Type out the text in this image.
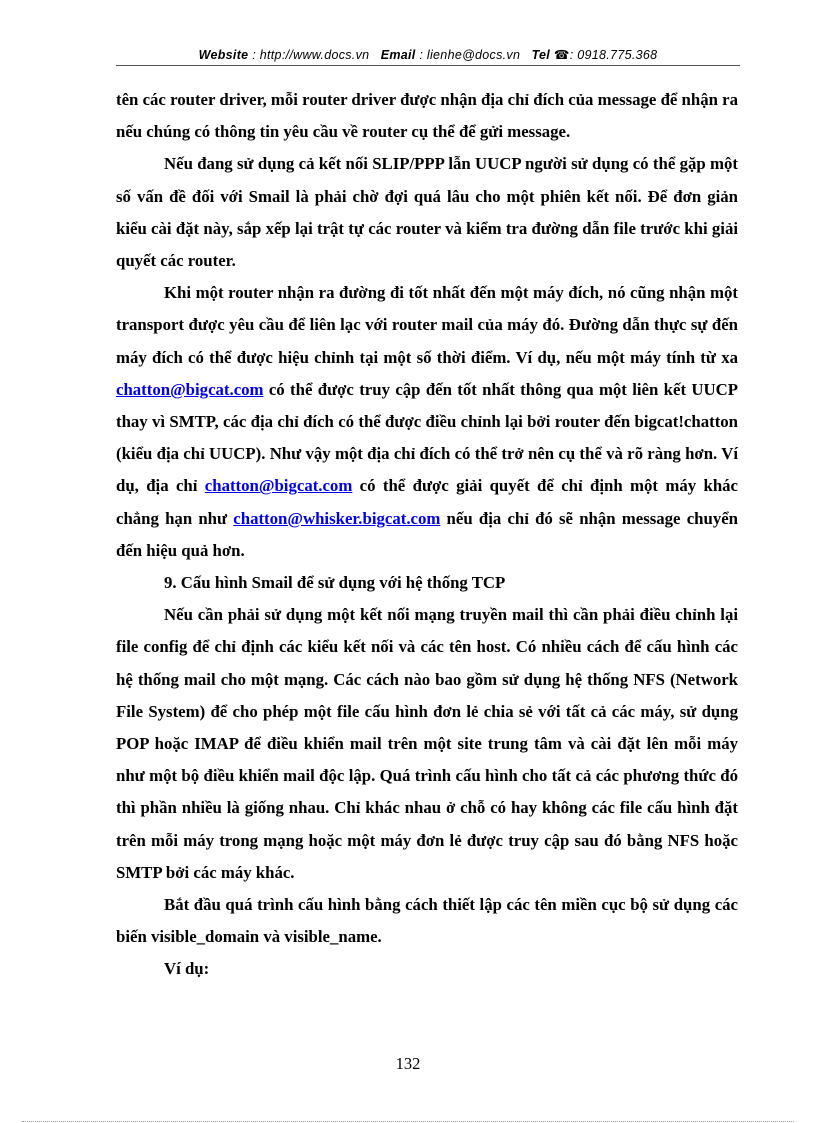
Website : http://www.docs.vn Email : lienhe@docs.vn Tel ☎: 0918.775.368

tên các router driver, mỗi router driver được nhận địa chỉ đích của message để nhận ra nếu chúng có thông tin yêu cầu về router cụ thể để gửi message.

Nếu đang sử dụng cả kết nối SLIP/PPP lẫn UUCP người sử dụng có thể gặp một số vấn đề đối với Smail là phải chờ đợi quá lâu cho một phiên kết nối. Để đơn giản kiểu cài đặt này, sắp xếp lại trật tự các router và kiểm tra đường dẫn file trước khi giải quyết các router.

Khi một router nhận ra đường đi tốt nhất đến một máy đích, nó cũng nhận một transport được yêu cầu để liên lạc với router mail của máy đó. Đường dẫn thực sự đến máy đích có thể được hiệu chỉnh tại một số thời điểm. Ví dụ, nếu một máy tính từ xa chatton@bigcat.com có thể được truy cập đến tốt nhất thông qua một liên kết UUCP thay vì SMTP, các địa chỉ đích có thể được điều chỉnh lại bởi router đến bigcat!chatton (kiểu địa chỉ UUCP). Như vậy một địa chỉ đích có thể trở nên cụ thể và rõ ràng hơn. Ví dụ, địa chỉ chatton@bigcat.com có thể được giải quyết để chỉ định một máy khác chẳng hạn như chatton@whisker.bigcat.com nếu địa chỉ đó sẽ nhận message chuyển đến hiệu quả hơn.

9. Cấu hình Smail để sử dụng với hệ thống TCP

Nếu cần phải sử dụng một kết nối mạng truyền mail thì cần phải điều chỉnh lại file config để chỉ định các kiểu kết nối và các tên host. Có nhiều cách để cấu hình các hệ thống mail cho một mạng. Các cách nào bao gồm sử dụng hệ thống NFS (Network File System) để cho phép một file cấu hình đơn lẻ chia sẻ với tất cả các máy, sử dụng POP hoặc IMAP để điều khiển mail trên một site trung tâm và cài đặt lên mỗi máy như một bộ điều khiển mail độc lập. Quá trình cấu hình cho tất cả các phương thức đó thì phần nhiều là giống nhau. Chỉ khác nhau ở chỗ có hay không các file cấu hình đặt trên mỗi máy trong mạng hoặc một máy đơn lẻ được truy cập sau đó bằng NFS hoặc SMTP bởi các máy khác.

Bắt đầu quá trình cấu hình bằng cách thiết lập các tên miền cục bộ sử dụng các biến visible_domain và visible_name.

Ví dụ:

132
